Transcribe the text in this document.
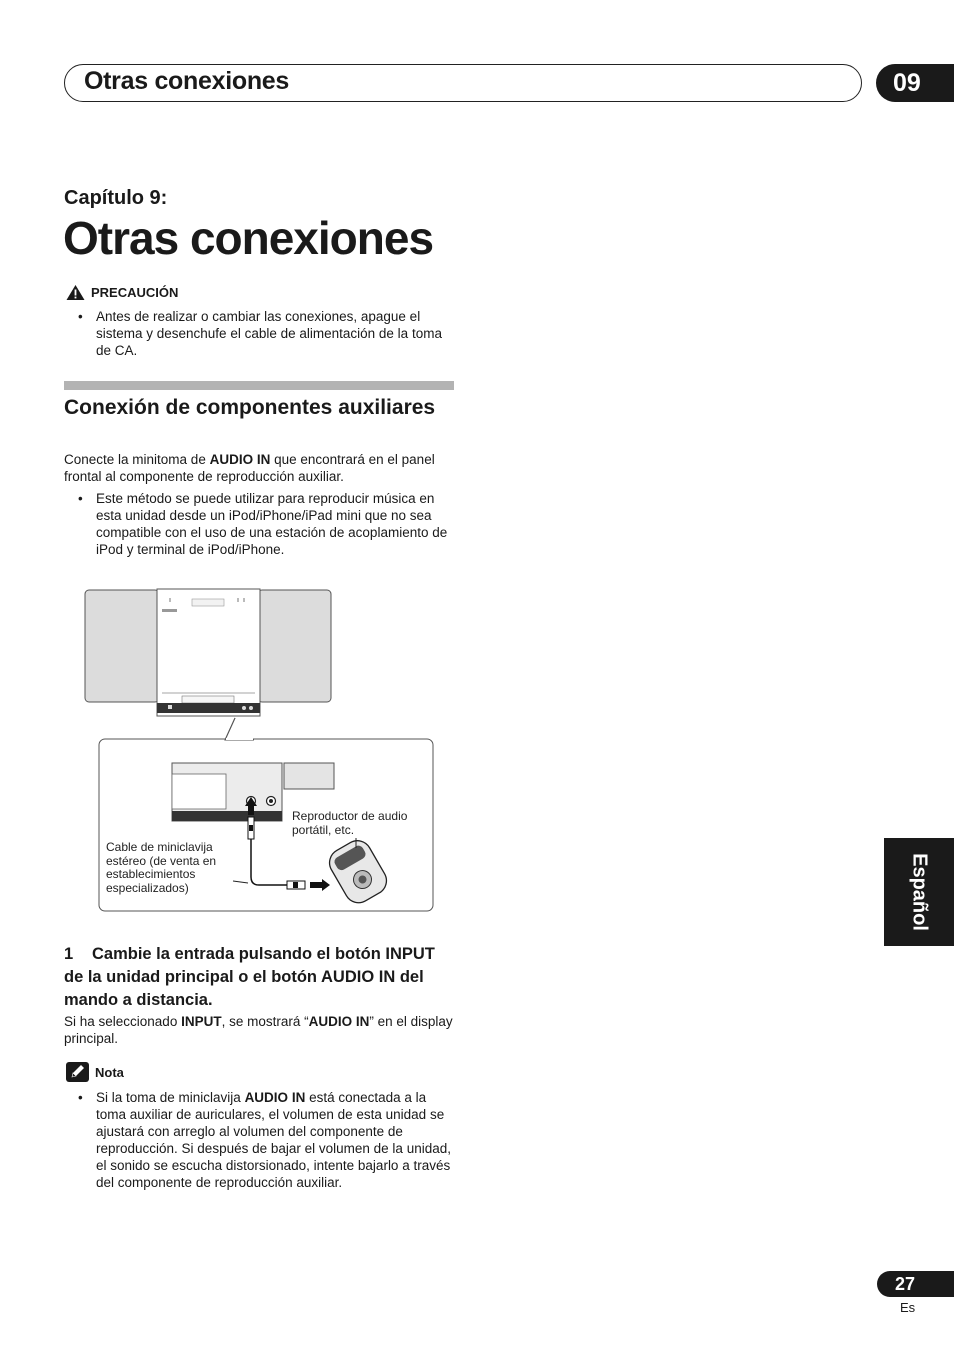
Otras conexiones	09
Capítulo 9:
Otras conexiones
PRECAUCIÓN
• Antes de realizar o cambiar las conexiones, apague el sistema y desenchufe el cable de alimentación de la toma de CA.
Conexión de componentes auxiliares
Conecte la minitoma de AUDIO IN que encontrará en el panel frontal al componente de reproducción auxiliar.
• Este método se puede utilizar para reproducir música en esta unidad desde un iPod/iPhone/iPad mini que no sea compatible con el uso de una estación de acoplamiento de iPod y terminal de iPod/iPhone.
Reproductor de audio portátil, etc.
Cable de miniclavija estéreo (de venta en establecimientos especializados)
1 Cambie la entrada pulsando el botón INPUT de la unidad principal o el botón AUDIO IN del mando a distancia.
Si ha seleccionado INPUT, se mostrará “AUDIO IN” en el display principal.
Nota
• Si la toma de miniclavija AUDIO IN está conectada a la toma auxiliar de auriculares, el volumen de esta unidad se ajustará con arreglo al volumen del componente de reproducción. Si después de bajar el volumen de la unidad, el sonido se escucha distorsionado, intente bajarlo a través del componente de reproducción auxiliar.
Español
27
Es
